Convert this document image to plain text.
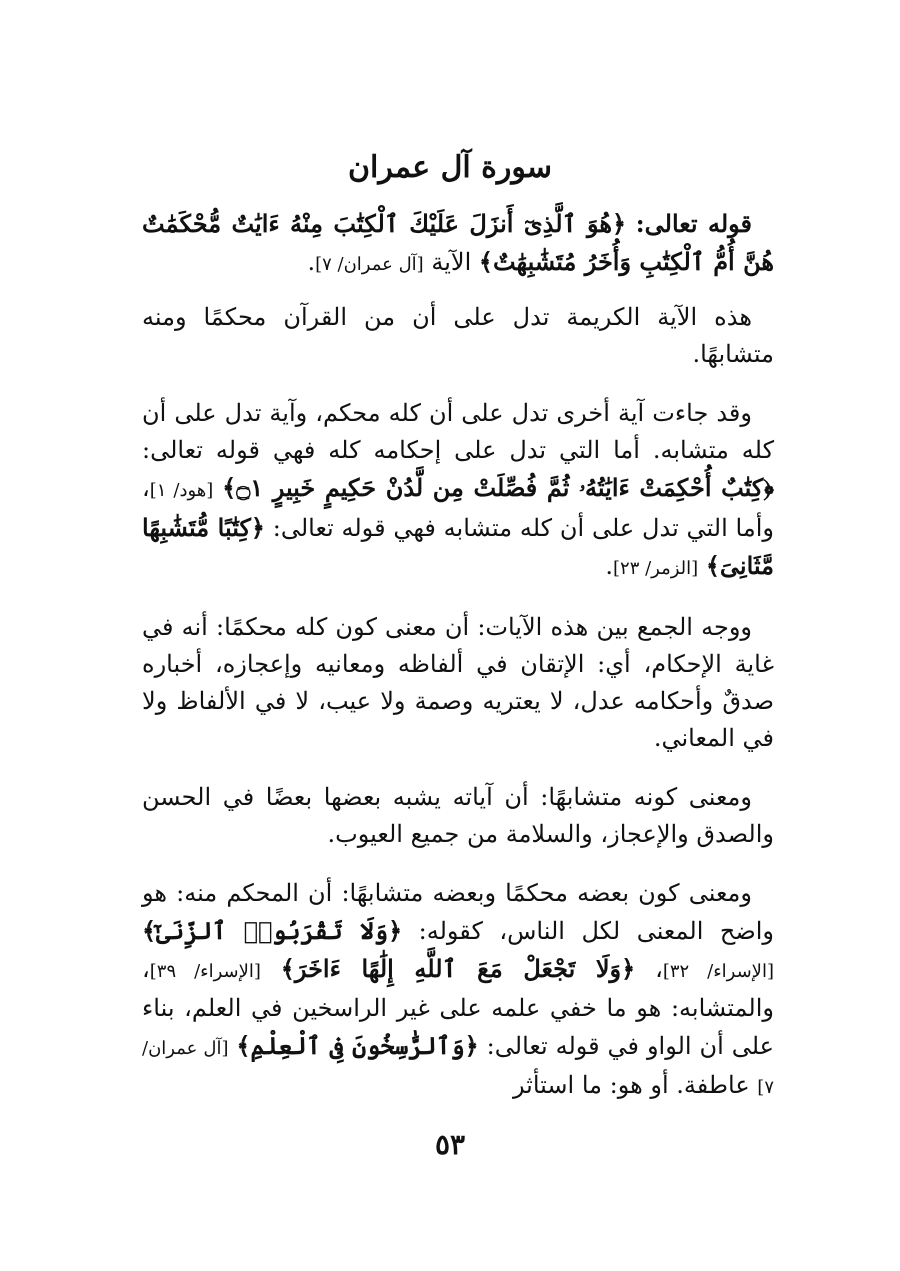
سورة آل عمران

قوله تعالى: ﴿هُوَ ٱلَّذِىٓ أَنزَلَ عَلَيْكَ ٱلْكِتَٰبَ مِنْهُ ءَايَٰتٌ مُّحْكَمَٰتٌ هُنَّ أُمُّ ٱلْكِتَٰبِ وَأُخَرُ مُتَشَٰبِهَٰتٌ﴾ الآية [آل عمران/ ٧].

هذه الآية الكريمة تدل على أن من القرآن محكمًا ومنه متشابهًا.

وقد جاءت آية أخرى تدل على أن كله محكم، وآية تدل على أن كله متشابه. أما التي تدل على إحكامه كله فهي قوله تعالى: ﴿كِتَٰبٌ أُحْكِمَتْ ءَايَٰتُهُۥ ثُمَّ فُصِّلَتْ مِن لَّدُنْ حَكِيمٍ خَبِيرٍ ۝١﴾ [هود/ ١]، وأما التي تدل على أن كله متشابه فهي قوله تعالى: ﴿كِتَٰبًا مُّتَشَٰبِهًا مَّثَانِىَ﴾ [الزمر/ ٢٣].

ووجه الجمع بين هذه الآيات: أن معنى كون كله محكمًا: أنه في غاية الإحكام، أي: الإتقان في ألفاظه ومعانيه وإعجازه، أخباره صدقٌ وأحكامه عدل، لا يعتريه وصمة ولا عيب، لا في الألفاظ ولا في المعاني.

ومعنى كونه متشابهًا: أن آياته يشبه بعضها بعضًا في الحسن والصدق والإعجاز، والسلامة من جميع العيوب.

ومعنى كون بعضه محكمًا وبعضه متشابهًا: أن المحكم منه: هو واضح المعنى لكل الناس، كقوله: ﴿وَلَا تَقْرَبُوا۟ ٱلزِّنَىٰٓ﴾ [الإسراء/ ٣٢]، ﴿وَلَا تَجْعَلْ مَعَ ٱللَّهِ إِلَٰهًا ءَاخَرَ﴾ [الإسراء/ ٣٩]، والمتشابه: هو ما خفي علمه على غير الراسخين في العلم، بناء على أن الواو في قوله تعالى: ﴿وَٱلرَّٰسِخُونَ فِى ٱلْعِلْمِ﴾ [آل عمران/ ٧] عاطفة. أو هو: ما استأثر

٥٣
